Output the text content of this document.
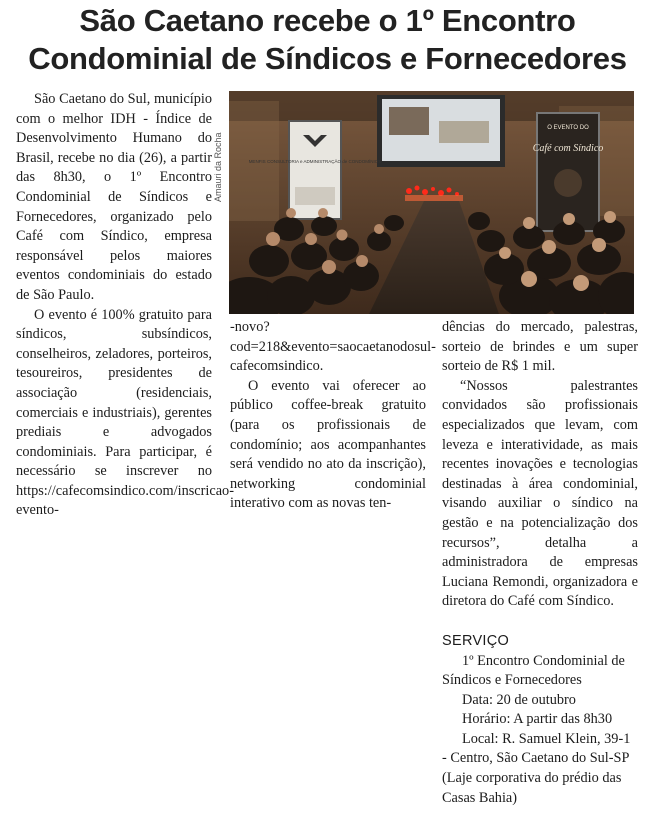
São Caetano recebe o 1º Encontro
Condominial de Síndicos e Fornecedores

São Caetano do Sul, município com o melhor IDH - Índice de Desenvolvimento Humano do Brasil, recebe no dia (26), a partir das 8h30, o 1º Encontro Condominial de Síndicos e Fornecedores, organizado pelo Café com Síndico, empresa responsável pelos maiores eventos condominiais do estado de São Paulo.

O evento é 100% gratuito para síndicos, subsíndicos, conselheiros, zeladores, porteiros, tesoureiros, presidentes de associação (residenciais, comerciais e industriais), gerentes prediais e advogados condominiais. Para participar, é necessário se inscrever no https://cafecomsindico.com/inscricao-evento-

Amauri da Rocha	MENFIS CONSULTORIA e ADMINISTRAÇÃO de CONDOMÍNIOS
O EVENTO DO
Café com Síndico

-novo?cod=218&evento=saocaetanodosul-cafecomsindico.

O evento vai oferecer ao público coffee-break gratuito (para os profissionais de condomínio; aos acompanhantes será vendido no ato da inscrição), networking condominial interativo com as novas ten-

dências do mercado, palestras, sorteio de brindes e um super sorteio de R$ 1 mil.

“Nossos palestrantes convidados são profissionais especializados que levam, com leveza e interatividade, as mais recentes inovações e tecnologias destinadas à área condominial, visando auxiliar o síndico na gestão e na potencialização dos recursos”, detalha a administradora de empresas Luciana Remondi, organizadora e diretora do Café com Síndico.

SERVIÇO

1º Encontro Condominial de Síndicos e Fornecedores

Data: 20 de outubro

Horário: A partir das 8h30

Local: R. Samuel Klein, 39-1 - Centro, São Caetano do Sul-SP (Laje corporativa do prédio das Casas Bahia)
